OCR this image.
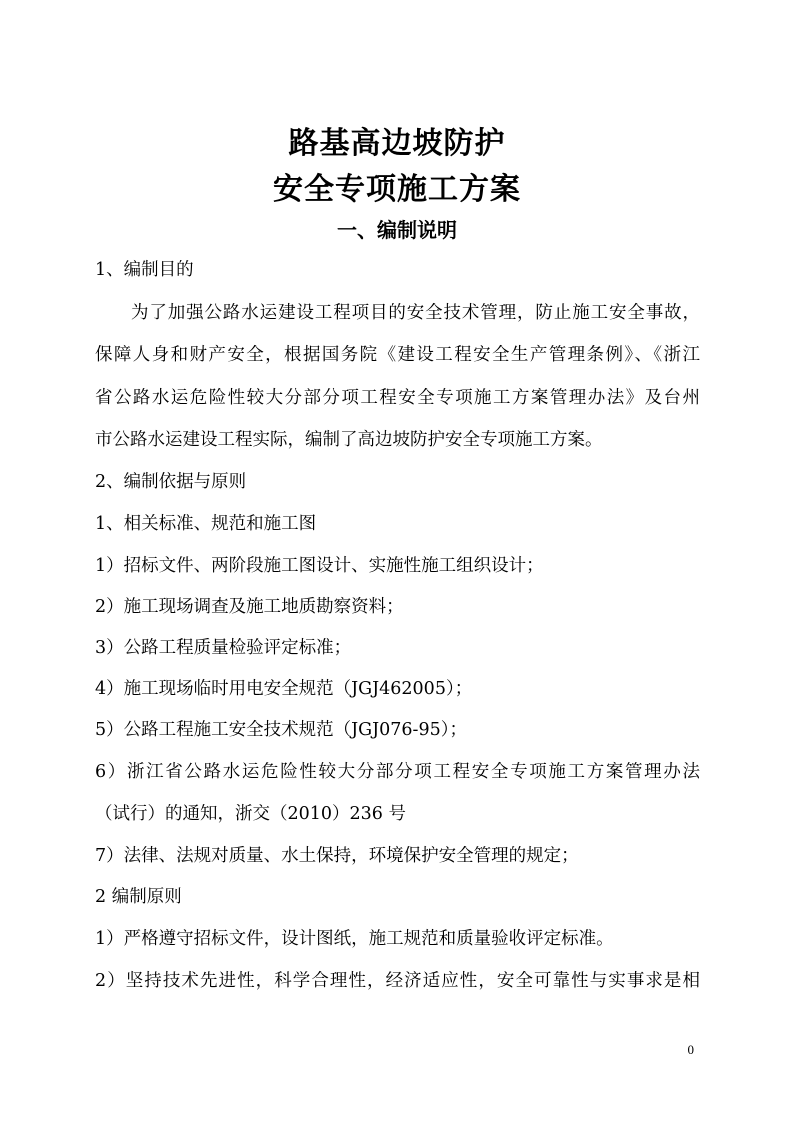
路基高边坡防护
安全专项施工方案
一、编制说明
1、编制目的
为了加强公路水运建设工程项目的安全技术管理，防止施工安全事故，
保障人身和财产安全，根据国务院《建设工程安全生产管理条例》、《浙江
省公路水运危险性较大分部分项工程安全专项施工方案管理办法》及台州
市公路水运建设工程实际，编制了高边坡防护安全专项施工方案。
2、编制依据与原则
1、相关标准、规范和施工图
1）招标文件、两阶段施工图设计、实施性施工组织设计；
2）施工现场调查及施工地质勘察资料；
3）公路工程质量检验评定标准；
4）施工现场临时用电安全规范（JGJ462005）；
5）公路工程施工安全技术规范（JGJ076-95）；
6）浙江省公路水运危险性较大分部分项工程安全专项施工方案管理办法
（试行）的通知，浙交（2010）236 号
7）法律、法规对质量、水土保持，环境保护安全管理的规定；
2 编制原则
1）严格遵守招标文件，设计图纸，施工规范和质量验收评定标准。
2）坚持技术先进性，科学合理性，经济适应性，安全可靠性与实事求是相
0
